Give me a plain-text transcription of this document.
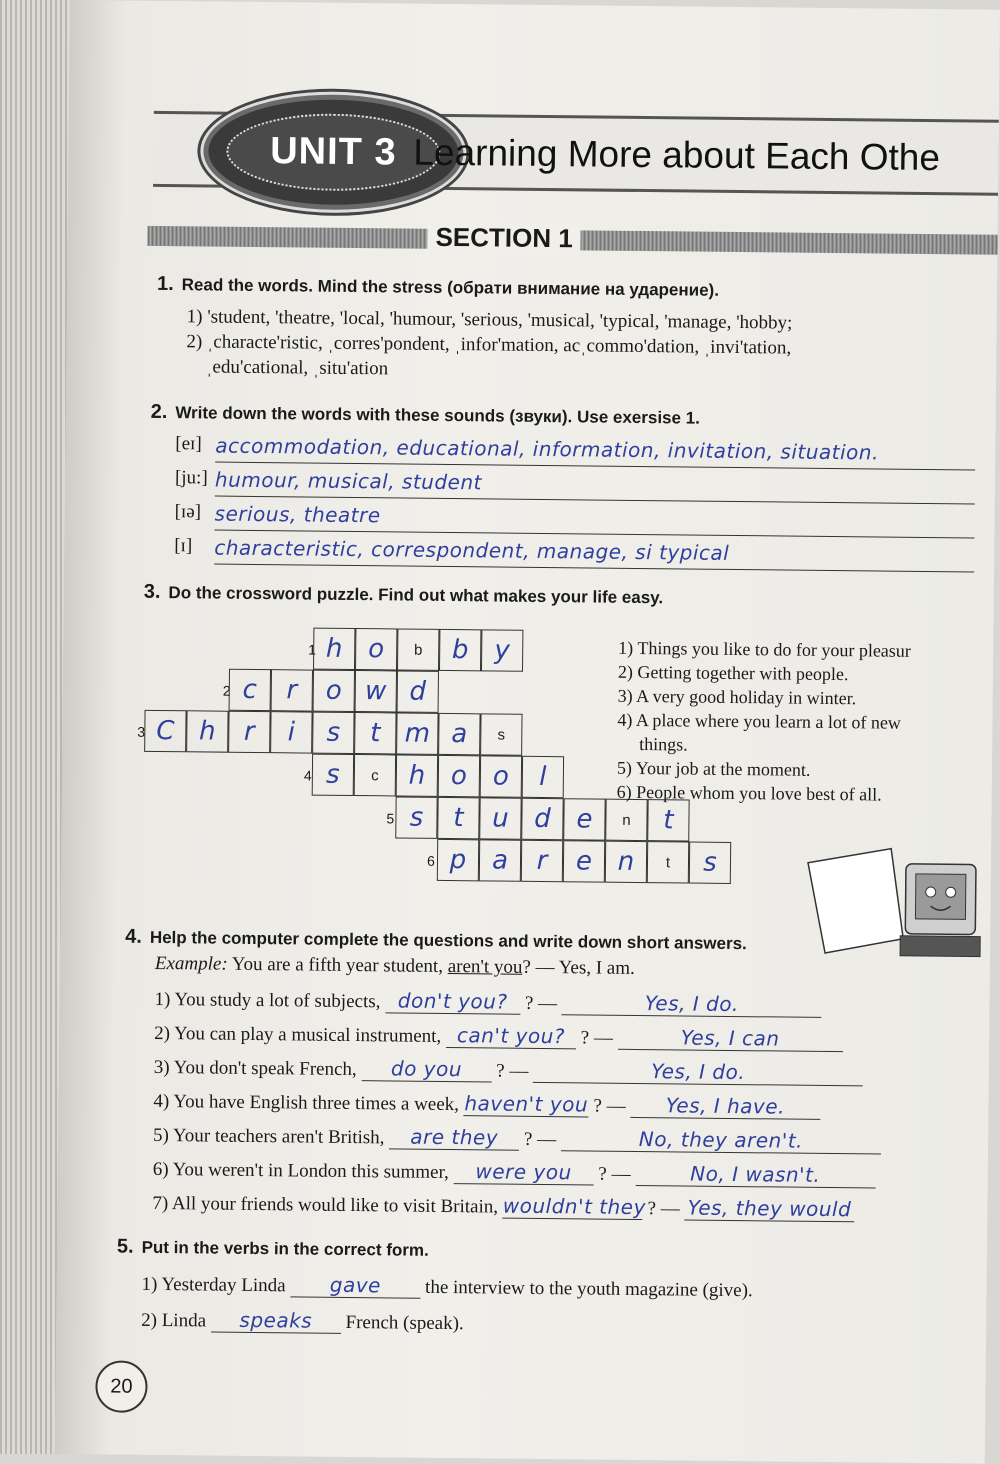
UNIT 3 Learning More about Each Othe
SECTION 1
1. Read the words. Mind the stress (обрати внимание на ударение).
1) 'student, 'theatre, 'local, 'humour, 'serious, 'musical, 'typical, 'manage, 'hobby;
2) ˌcharacte'ristic, ˌcorres'pondent, ˌinfor'mation, acˌcommo'dation, ˌinvi'tation,
ˌedu'cational, ˌsitu'ation
2. Write down the words with these sounds (звуки). Use exersise 1.
[eɪ] accommodation, educational, information, invitation, situation.
[ju:] humour, musical, student
[ɪə] serious, theatre
[ɪ] characteristic, correspondent, manage, si typical
3. Do the crossword puzzle. Find out what makes your life easy.
1
2
3
4
5
6
h o	b	b y
c	r	o w d
C h	r	i	s	t m a	s
s	c	h o o	l
s	t	u d e	n	t
p a	r	e n	t	s
1) Things you like to do for your pleasur
2) Getting together with people.
3) A very good holiday in winter.
4) A place where you learn a lot of new
things.
5) Your job at the moment.
6) People whom you love best of all.
4. Help the computer complete the questions and write down short answers.
Example: You are a fifth year student, aren't you? — Yes, I am.
1) You study a lot of subjects, don't you? ? —	Yes, I do.
2) You can play a musical instrument, can't you? ? —	Yes, I can
3) You don't speak French, do you ? —	Yes, I do.
4) You have English three times a week, haven't you ? — Yes, I have.
5) Your teachers aren't British, are they ? —	No, they aren't.
6) You weren't in London this summer, were you ? —	No, I wasn't.
7) All your friends would like to visit Britain, wouldn't they ? — Yes, they would
5. Put in the verbs in the correct form.
1) Yesterday Linda gave the interview to the youth magazine (give).
2) Linda speaks French (speak).
20
